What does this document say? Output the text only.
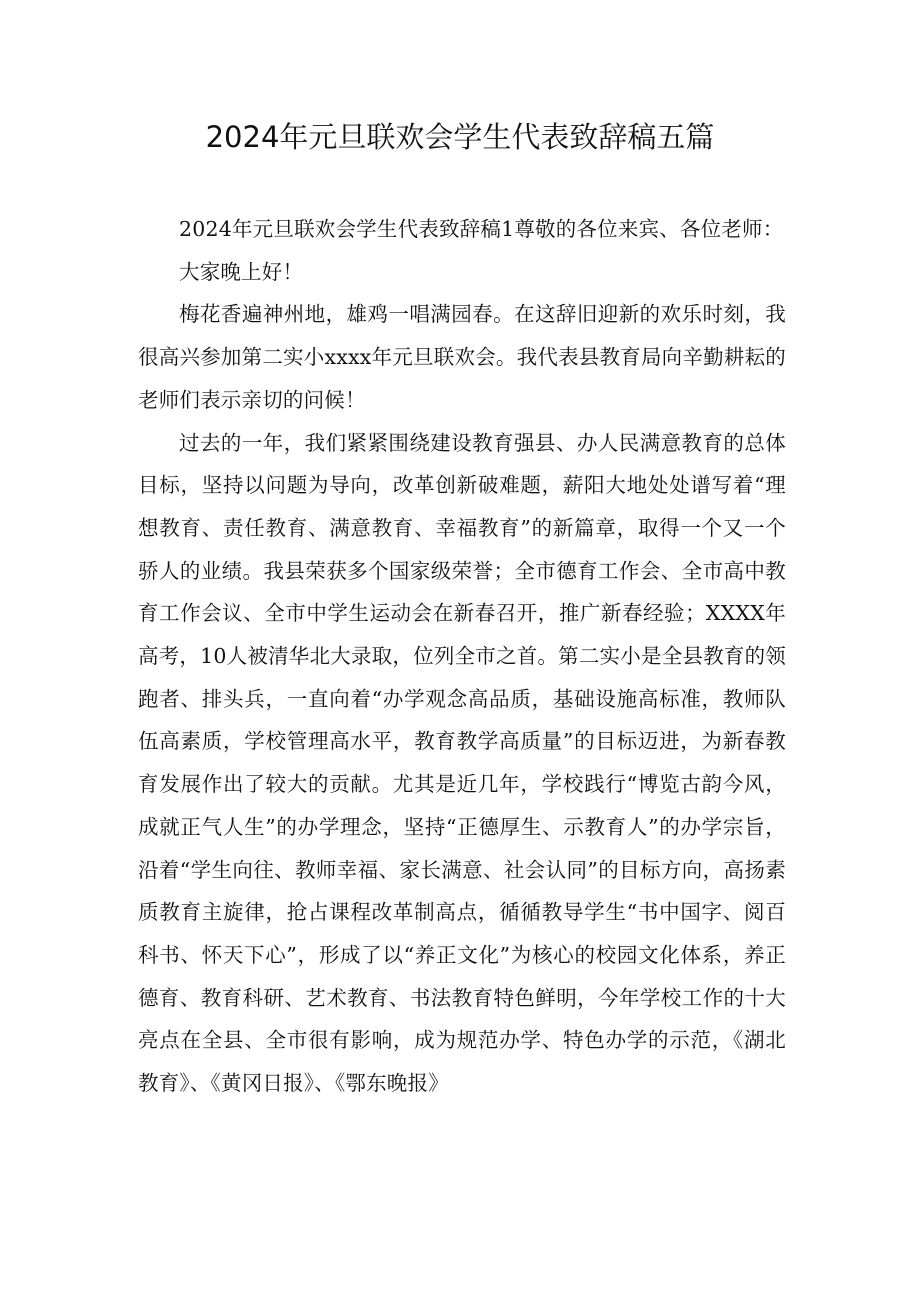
2024年元旦联欢会学生代表致辞稿五篇

2024年元旦联欢会学生代表致辞稿1尊敬的各位来宾、各位老师：

大家晚上好！

梅花香遍神州地，雄鸡一唱满园春。在这辞旧迎新的欢乐时刻，我很高兴参加第二实小xxxx年元旦联欢会。我代表县教育局向辛勤耕耘的老师们表示亲切的问候！

过去的一年，我们紧紧围绕建设教育强县、办人民满意教育的总体目标，坚持以问题为导向，改革创新破难题，薪阳大地处处谱写着“理想教育、责任教育、满意教育、幸福教育”的新篇章，取得一个又一个骄人的业绩。我县荣获多个国家级荣誉；全市德育工作会、全市高中教育工作会议、全市中学生运动会在新春召开，推广新春经验；XXXX年高考，10人被清华北大录取，位列全市之首。第二实小是全县教育的领跑者、排头兵，一直向着“办学观念高品质，基础设施高标准，教师队伍高素质，学校管理高水平，教育教学高质量”的目标迈进，为新春教育发展作出了较大的贡献。尤其是近几年，学校践行“博览古韵今风，成就正气人生”的办学理念，坚持“正德厚生、示教育人”的办学宗旨，沿着“学生向往、教师幸福、家长满意、社会认同”的目标方向，高扬素质教育主旋律，抢占课程改革制高点，循循教导学生“书中国字、阅百科书、怀天下心”，形成了以“养正文化”为核心的校园文化体系，养正德育、教育科研、艺术教育、书法教育特色鲜明，今年学校工作的十大亮点在全县、全市很有影响，成为规范办学、特色办学的示范，《湖北教育》、《黄冈日报》、《鄂东晚报》
